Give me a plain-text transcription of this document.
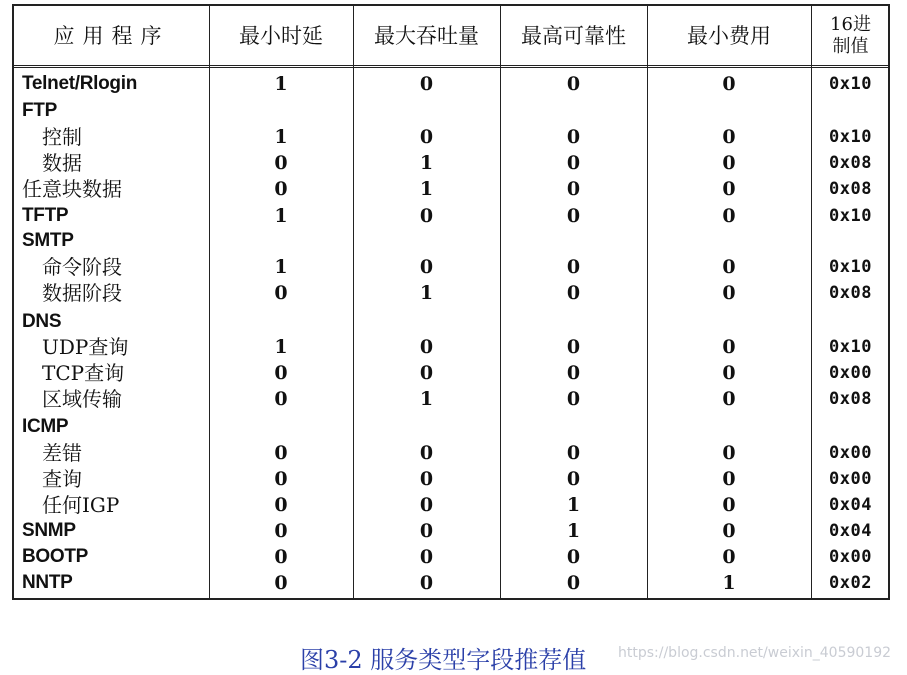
应用程序	最小时延	最大吞吐量	最高可靠性	最小费用	16进
制值
Telnet/Rlogin	1	0	0	0	0x10
FTP
控制	1	0	0	0	0x10
数据	0	1	0	0	0x08
任意块数据	0	1	0	0	0x08
TFTP	1	0	0	0	0x10
SMTP
命令阶段	1	0	0	0	0x10
数据阶段	0	1	0	0	0x08
DNS
UDP查询	1	0	0	0	0x10
TCP查询	0	0	0	0	0x00
区域传输	0	1	0	0	0x08
ICMP
差错	0	0	0	0	0x00
查询	0	0	0	0	0x00
任何IGP	0	0	1	0	0x04
SNMP	0	0	1	0	0x04
BOOTP	0	0	0	0	0x00
NNTP	0	0	0	1	0x02
图3-2 服务类型字段推荐值 https://blog.csdn.net/weixin_40590192
